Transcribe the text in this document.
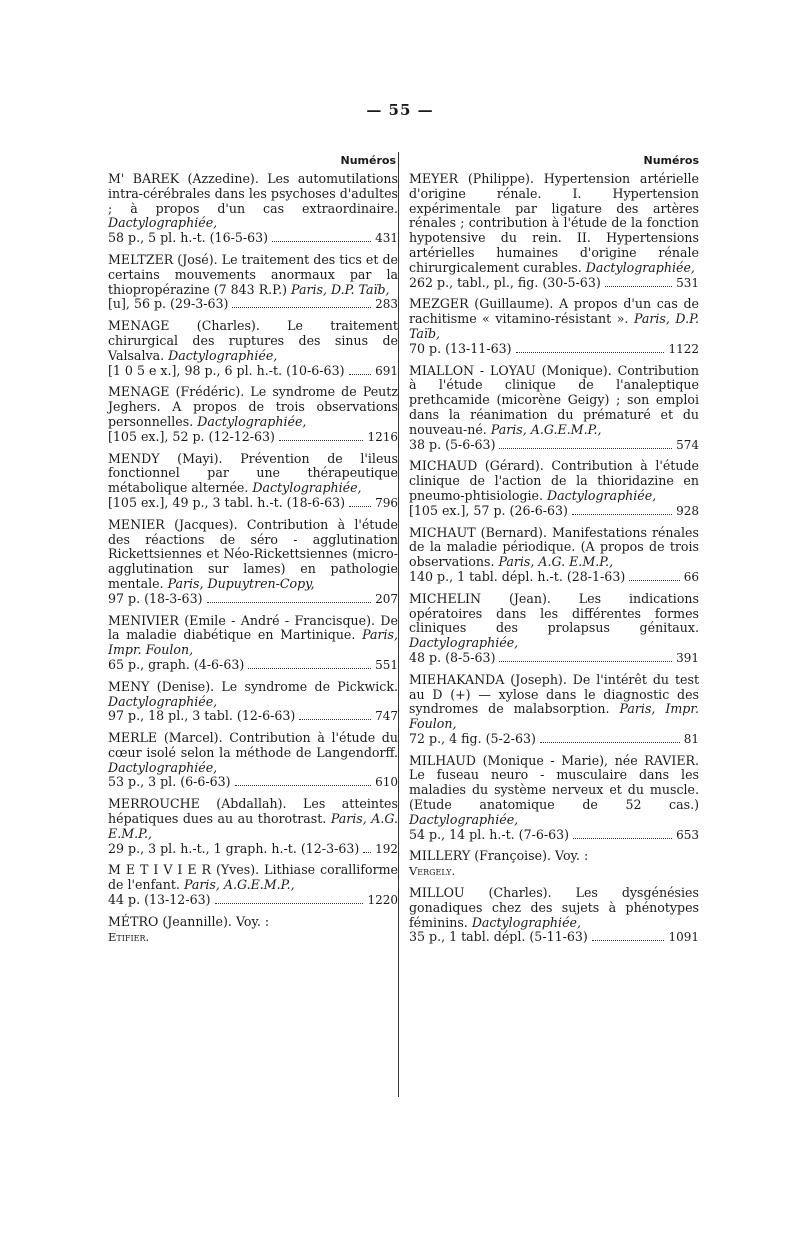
— 55 —
Numéros

M' BAREK (Azzedine). Les automutilations intra-cérébrales dans les psychoses d'adultes ; à propos d'un cas extraordinaire. Dactylographiée,

58 p., 5 pl. h.-t. (16-5-63)	431

MELTZER (José). Le traitement des tics et de certains mouvements anormaux par la thiopropérazine (7 843 R.P.) Paris, D.P. Taïb,

[u], 56 p. (29-3-63)	283

MENAGE (Charles). Le traitement chirurgical des ruptures des sinus de Valsalva. Dactylographiée,

[1 0 5 e x.], 98 p., 6 pl. h.-t. (10-6-63)	691

MENAGE (Frédéric). Le syndrome de Peutz Jeghers. A propos de trois observations personnelles. Dactylographiée,

[105 ex.], 52 p. (12-12-63)	1216

MENDY (Mayi). Prévention de l'ileus fonctionnel par une thérapeutique métabolique alternée. Dactylographiée,

[105 ex.], 49 p., 3 tabl. h.-t. (18-6-63)	796

MENIER (Jacques). Contribution à l'étude des réactions de séro - agglutination Rickettsiennes et Néo-Rickettsiennes (micro-agglutination sur lames) en pathologie mentale. Paris, Dupuytren-Copy,

97 p. (18-3-63)	207

MENIVIER (Emile - André - Francisque). De la maladie diabétique en Martinique. Paris, Impr. Foulon,

65 p., graph. (4-6-63)	551

MENY (Denise). Le syndrome de Pickwick. Dactylographiée,

97 p., 18 pl., 3 tabl. (12-6-63)	747

MERLE (Marcel). Contribution à l'étude du cœur isolé selon la méthode de Langendorff. Dactylographiée,

53 p., 3 pl. (6-6-63)	610

MERROUCHE (Abdallah). Les atteintes hépatiques dues au au thorotrast. Paris, A.G. E.M.P.,

29 p., 3 pl. h.-t., 1 graph. h.-t. (12-3-63) 192

M E T I V I E R (Yves). Lithiase coralliforme de l'enfant. Paris, A.G.E.M.P.,

44 p. (13-12-63)	1220

MÉTRO (Jeannille). Voy. :

Etifier.
Numéros

MEYER (Philippe). Hypertension artérielle d'origine rénale. I. Hypertension expérimentale par ligature des artères rénales ; contribution à l'étude de la fonction hypotensive du rein. II. Hypertensions artérielles humaines d'origine rénale chirurgicalement curables. Dactylographiée,

262 p., tabl., pl., fig. (30-5-63)	531

MEZGER (Guillaume). A propos d'un cas de rachitisme « vitamino-résistant ». Paris, D.P. Taïb,

70 p. (13-11-63)	1122

MIALLON - LOYAU (Monique). Contribution à l'étude clinique de l'analeptique prethcamide (micorène Geigy) ; son emploi dans la réanimation du prématuré et du nouveau-né. Paris, A.G.E.M.P.,

38 p. (5-6-63)	574

MICHAUD (Gérard). Contribution à l'étude clinique de l'action de la thioridazine en pneumo-phtisiologie. Dactylographiée,

[105 ex.], 57 p. (26-6-63)	928

MICHAUT (Bernard). Manifestations rénales de la maladie périodique. (A propos de trois observations. Paris, A.G. E.M.P.,

140 p., 1 tabl. dépl. h.-t. (28-1-63)	66

MICHELIN (Jean). Les indications opératoires dans les différentes formes cliniques des prolapsus génitaux. Dactylographiée,

48 p. (8-5-63)	391

MIEHAKANDA (Joseph). De l'intérêt du test au D (+) — xylose dans le diagnostic des syndromes de malabsorption. Paris, Impr. Foulon,

72 p., 4 fig. (5-2-63)	81

MILHAUD (Monique - Marie), née RAVIER. Le fuseau neuro - musculaire dans les maladies du système nerveux et du muscle. (Etude anatomique de 52 cas.) Dactylographiée,

54 p., 14 pl. h.-t. (7-6-63)	653

MILLERY (Françoise). Voy. :

Vergely.

MILLOU (Charles). Les dysgénésies gonadiques chez des sujets à phénotypes féminins. Dactylographiée,

35 p., 1 tabl. dépl. (5-11-63)	1091
